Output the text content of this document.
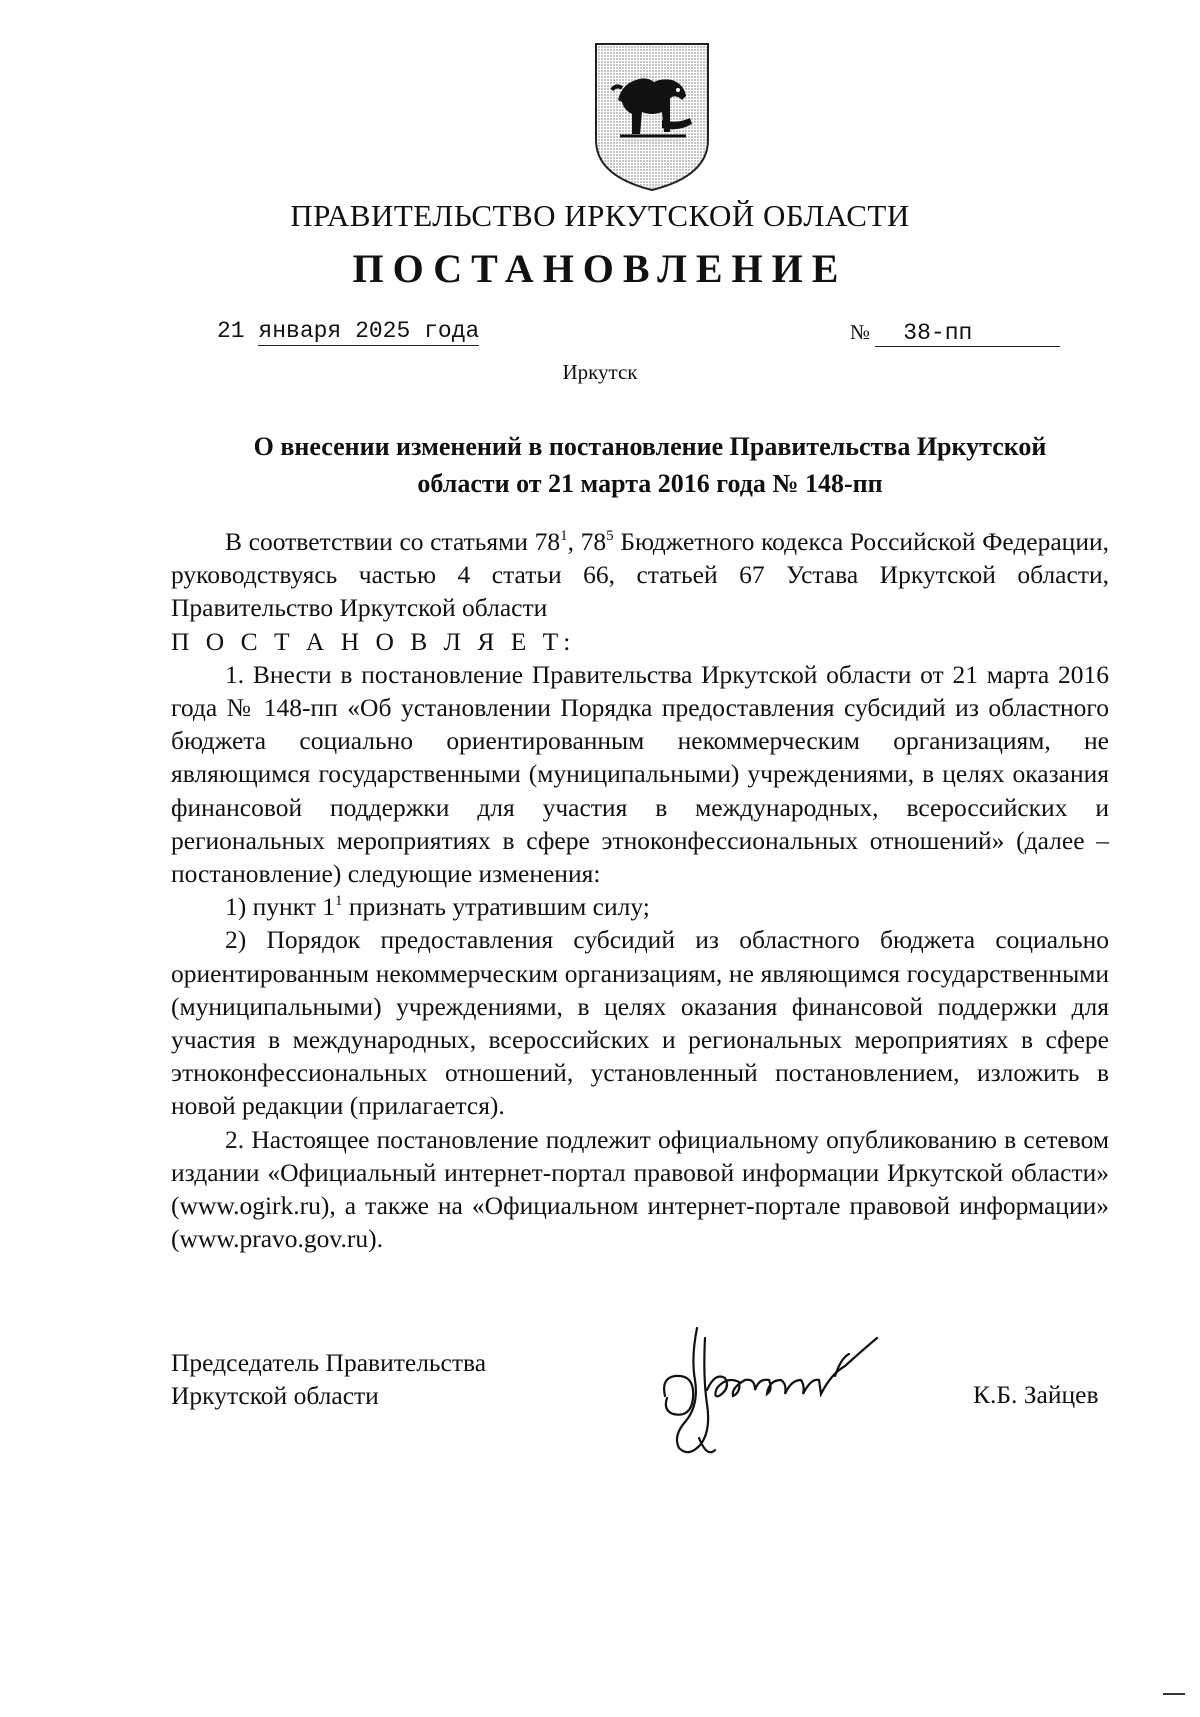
ПРАВИТЕЛЬСТВО ИРКУТСКОЙ ОБЛАСТИ
ПОСТАНОВЛЕНИЕ
21 января 2025 года	№ 38-пп
Иркутск
О внесении изменений в постановление Правительства Иркутской
области от 21 марта 2016 года № 148-пп

В соответствии со статьями $78^1$, $78^5$ Бюджетного кодекса Российской Федерации, руководствуясь частью 4 статьи 66, статьей 67 Устава Иркутской области, Правительство Иркутской области

П О С Т А Н О В Л Я Е Т:

1. Внести в постановление Правительства Иркутской области от 21 марта 2016 года № 148-пп «Об установлении Порядка предоставления субсидий из областного бюджета социально ориентированным некоммерческим организациям, не являющимся государственными (муниципальными) учреждениями, в целях оказания финансовой поддержки для участия в международных, всероссийских и региональных мероприятиях в сфере этноконфессиональных отношений» (далее – постановление) следующие изменения:

1) пункт $1^1$ признать утратившим силу;

2) Порядок предоставления субсидий из областного бюджета социально ориентированным некоммерческим организациям, не являющимся государственными (муниципальными) учреждениями, в целях оказания финансовой поддержки для участия в международных, всероссийских и региональных мероприятиях в сфере этноконфессиональных отношений, установленный постановлением, изложить в новой редакции (прилагается).

2. Настоящее постановление подлежит официальному опубликованию в сетевом издании «Официальный интернет-портал правовой информации Иркутской области» (www.ogirk.ru), а также на «Официальном интернет-портале правовой информации» (www.pravo.gov.ru).

Председатель Правительства
Иркутской области	К.Б. Зайцев
